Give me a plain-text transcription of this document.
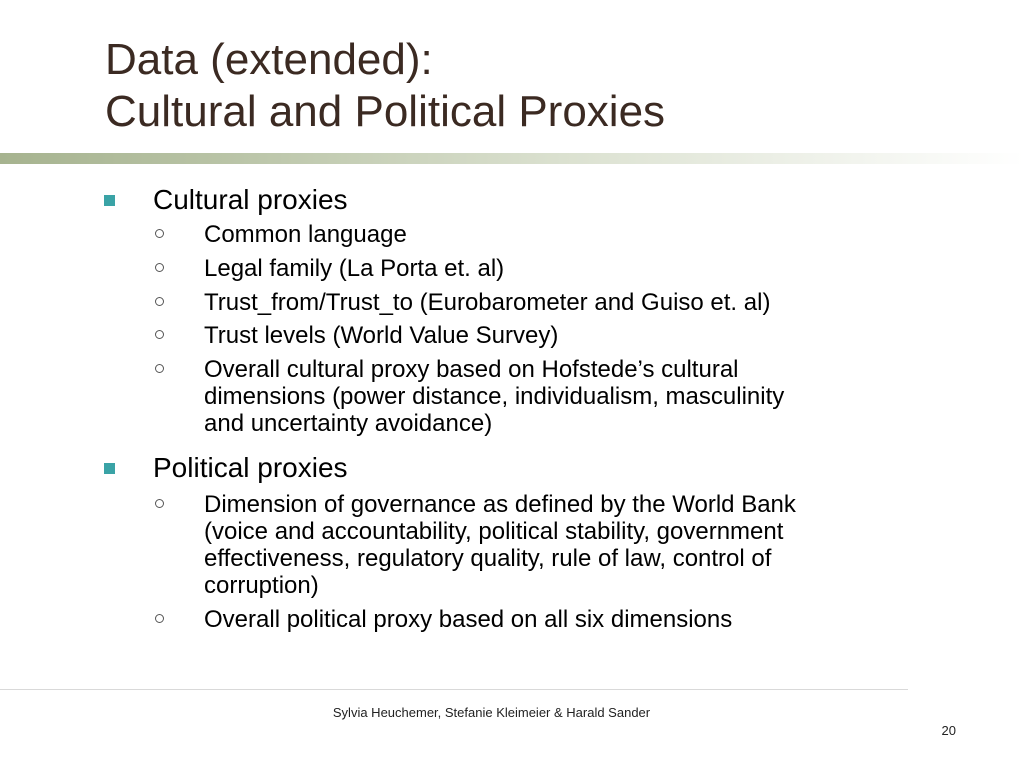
Data (extended):
Cultural and Political Proxies
Cultural proxies
Common language
Legal family (La Porta et. al)
Trust_from/Trust_to (Eurobarometer and Guiso et. al)
Trust levels (World Value Survey)
Overall cultural proxy based on Hofstede’s cultural
dimensions (power distance, individualism, masculinity
and uncertainty avoidance)
Political proxies
Dimension of governance as defined by the World Bank
(voice and accountability, political stability, government
effectiveness, regulatory quality, rule of law, control of
corruption)
Overall political proxy based on all six dimensions
Sylvia Heuchemer, Stefanie Kleimeier & Harald Sander
20
